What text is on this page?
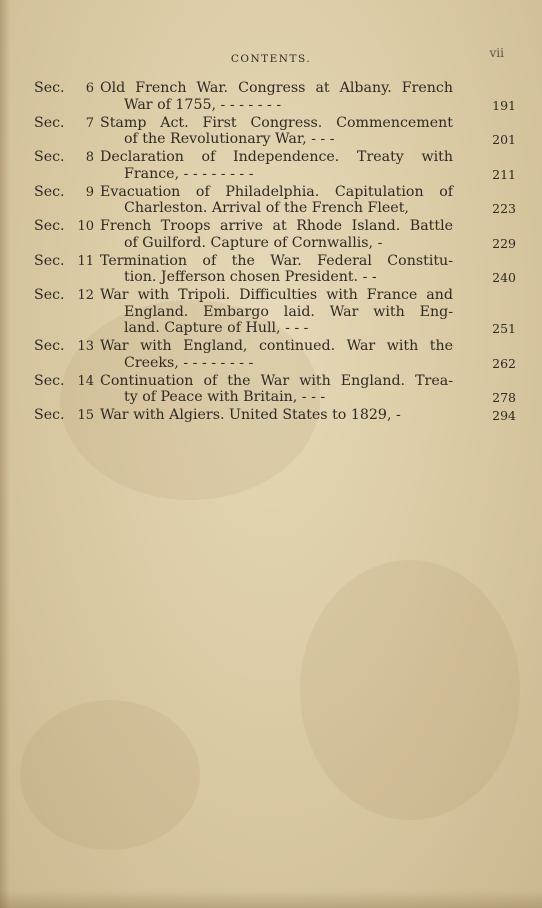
CONTENTS.	vii
Sec. 6 Old French War. Congress at Albany. French
War of 1755, - - - - - - -	191
Sec. 7 Stamp Act. First Congress. Commencement
of the Revolutionary War, - - -	201
Sec. 8 Declaration of Independence. Treaty with
France, - - - - - - - -	211
Sec. 9 Evacuation of Philadelphia. Capitulation of
Charleston. Arrival of the French Fleet,	223
Sec. 10 French Troops arrive at Rhode Island. Battle
of Guilford. Capture of Cornwallis, -	229
Sec. 11 Termination of the War. Federal Constitu-
tion. Jefferson chosen President. - -	240
Sec. 12 War with Tripoli. Difficulties with France and
England. Embargo laid. War with Eng-
land. Capture of Hull, - - -	251
Sec. 13 War with England, continued. War with the
Creeks, - - - - - - - -	262
Sec. 14 Continuation of the War with England. Trea-
ty of Peace with Britain, - - -	278
Sec. 15 War with Algiers. United States to 1829, -	294
